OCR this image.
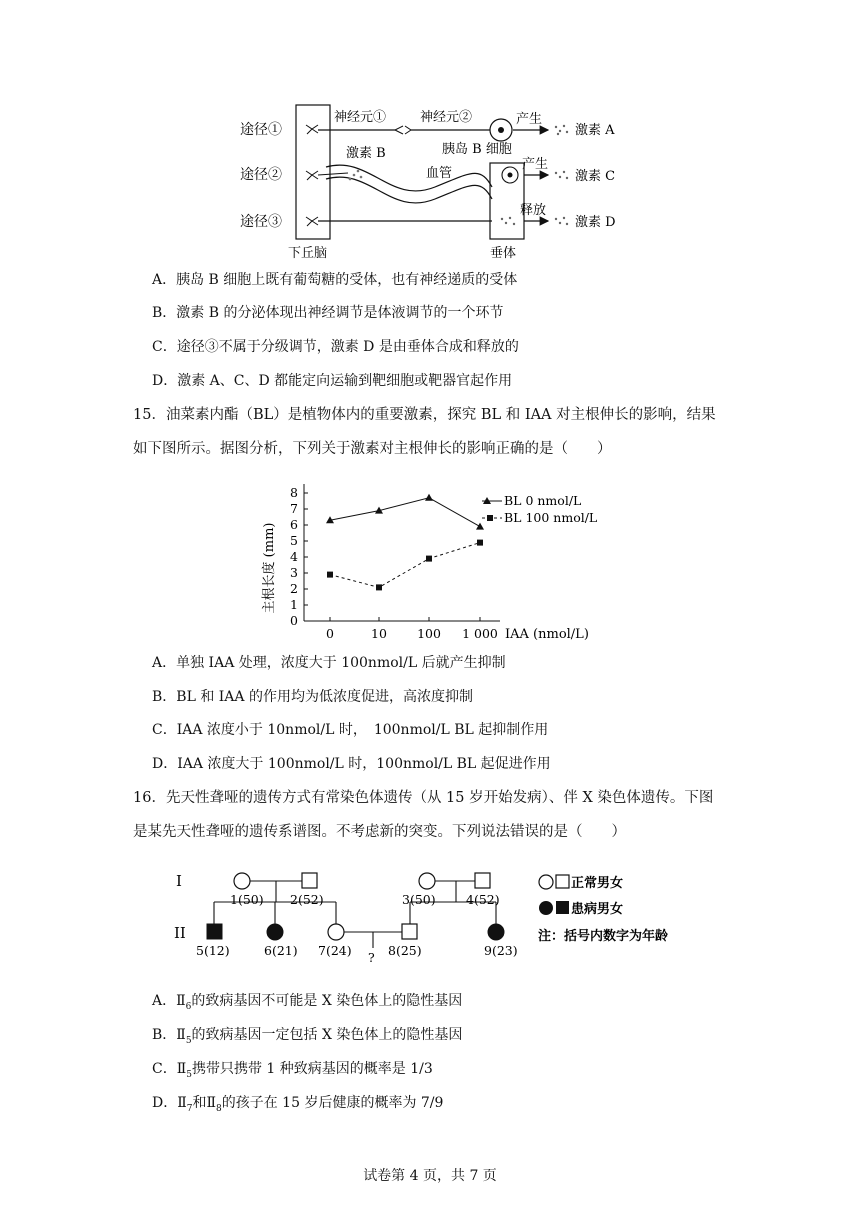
途径①
途径②
途径③
下丘脑
神经元①	神经元②	产生
激素 A
激素 B	胰岛 B 细胞
血管
垂体
产生
激素 C
释放
激素 D
A．胰岛 B 细胞上既有葡萄糖的受体，也有神经递质的受体
B．激素 B 的分泌体现出神经调节是体液调节的一个环节
C．途径③不属于分级调节，激素 D 是由垂体合成和释放的
D．激素 A、C、D 都能定向运输到靶细胞或靶器官起作用
15．油菜素内酯（BL）是植物体内的重要激素，探究 BL 和 IAA 对主根伸长的影响，结果
如下图所示。据图分析，下列关于激素对主根伸长的影响正确的是（　　）
主根长度 (mm)
0
1
2
3
4
5
6
7
8
0	10 100 1 000 IAA (nmol/L)
BL 0 nmol/L
BL 100 nmol/L
A．单独 IAA 处理，浓度大于 100nmol/L 后就产生抑制
B．BL 和 IAA 的作用均为低浓度促进，高浓度抑制
C．IAA 浓度小于 10nmol/L 时，　100nmol/L BL 起抑制作用
D．IAA 浓度大于 100nmol/L 时，100nmol/L BL 起促进作用
16．先天性聋哑的遗传方式有常染色体遗传（从 15 岁开始发病）、伴 X 染色体遗传。下图
是某先天性聋哑的遗传系谱图。不考虑新的突变。下列说法错误的是（　　）
I
II
1(50) 2(52)	3(50) 4(52)
5(12)	6(21) 7(24) ? 8(25)	9(23)
正常男女
患病男女
注：括号内数字为年龄
A．$Ⅱ_6$的致病基因不可能是 X 染色体上的隐性基因
B．$Ⅱ_5$的致病基因一定包括 X 染色体上的隐性基因
C．$Ⅱ_5$携带只携带 1 种致病基因的概率是 1/3
D．$Ⅱ_7$和$Ⅱ_8$的孩子在 15 岁后健康的概率为 7/9
试卷第 4 页，共 7 页
